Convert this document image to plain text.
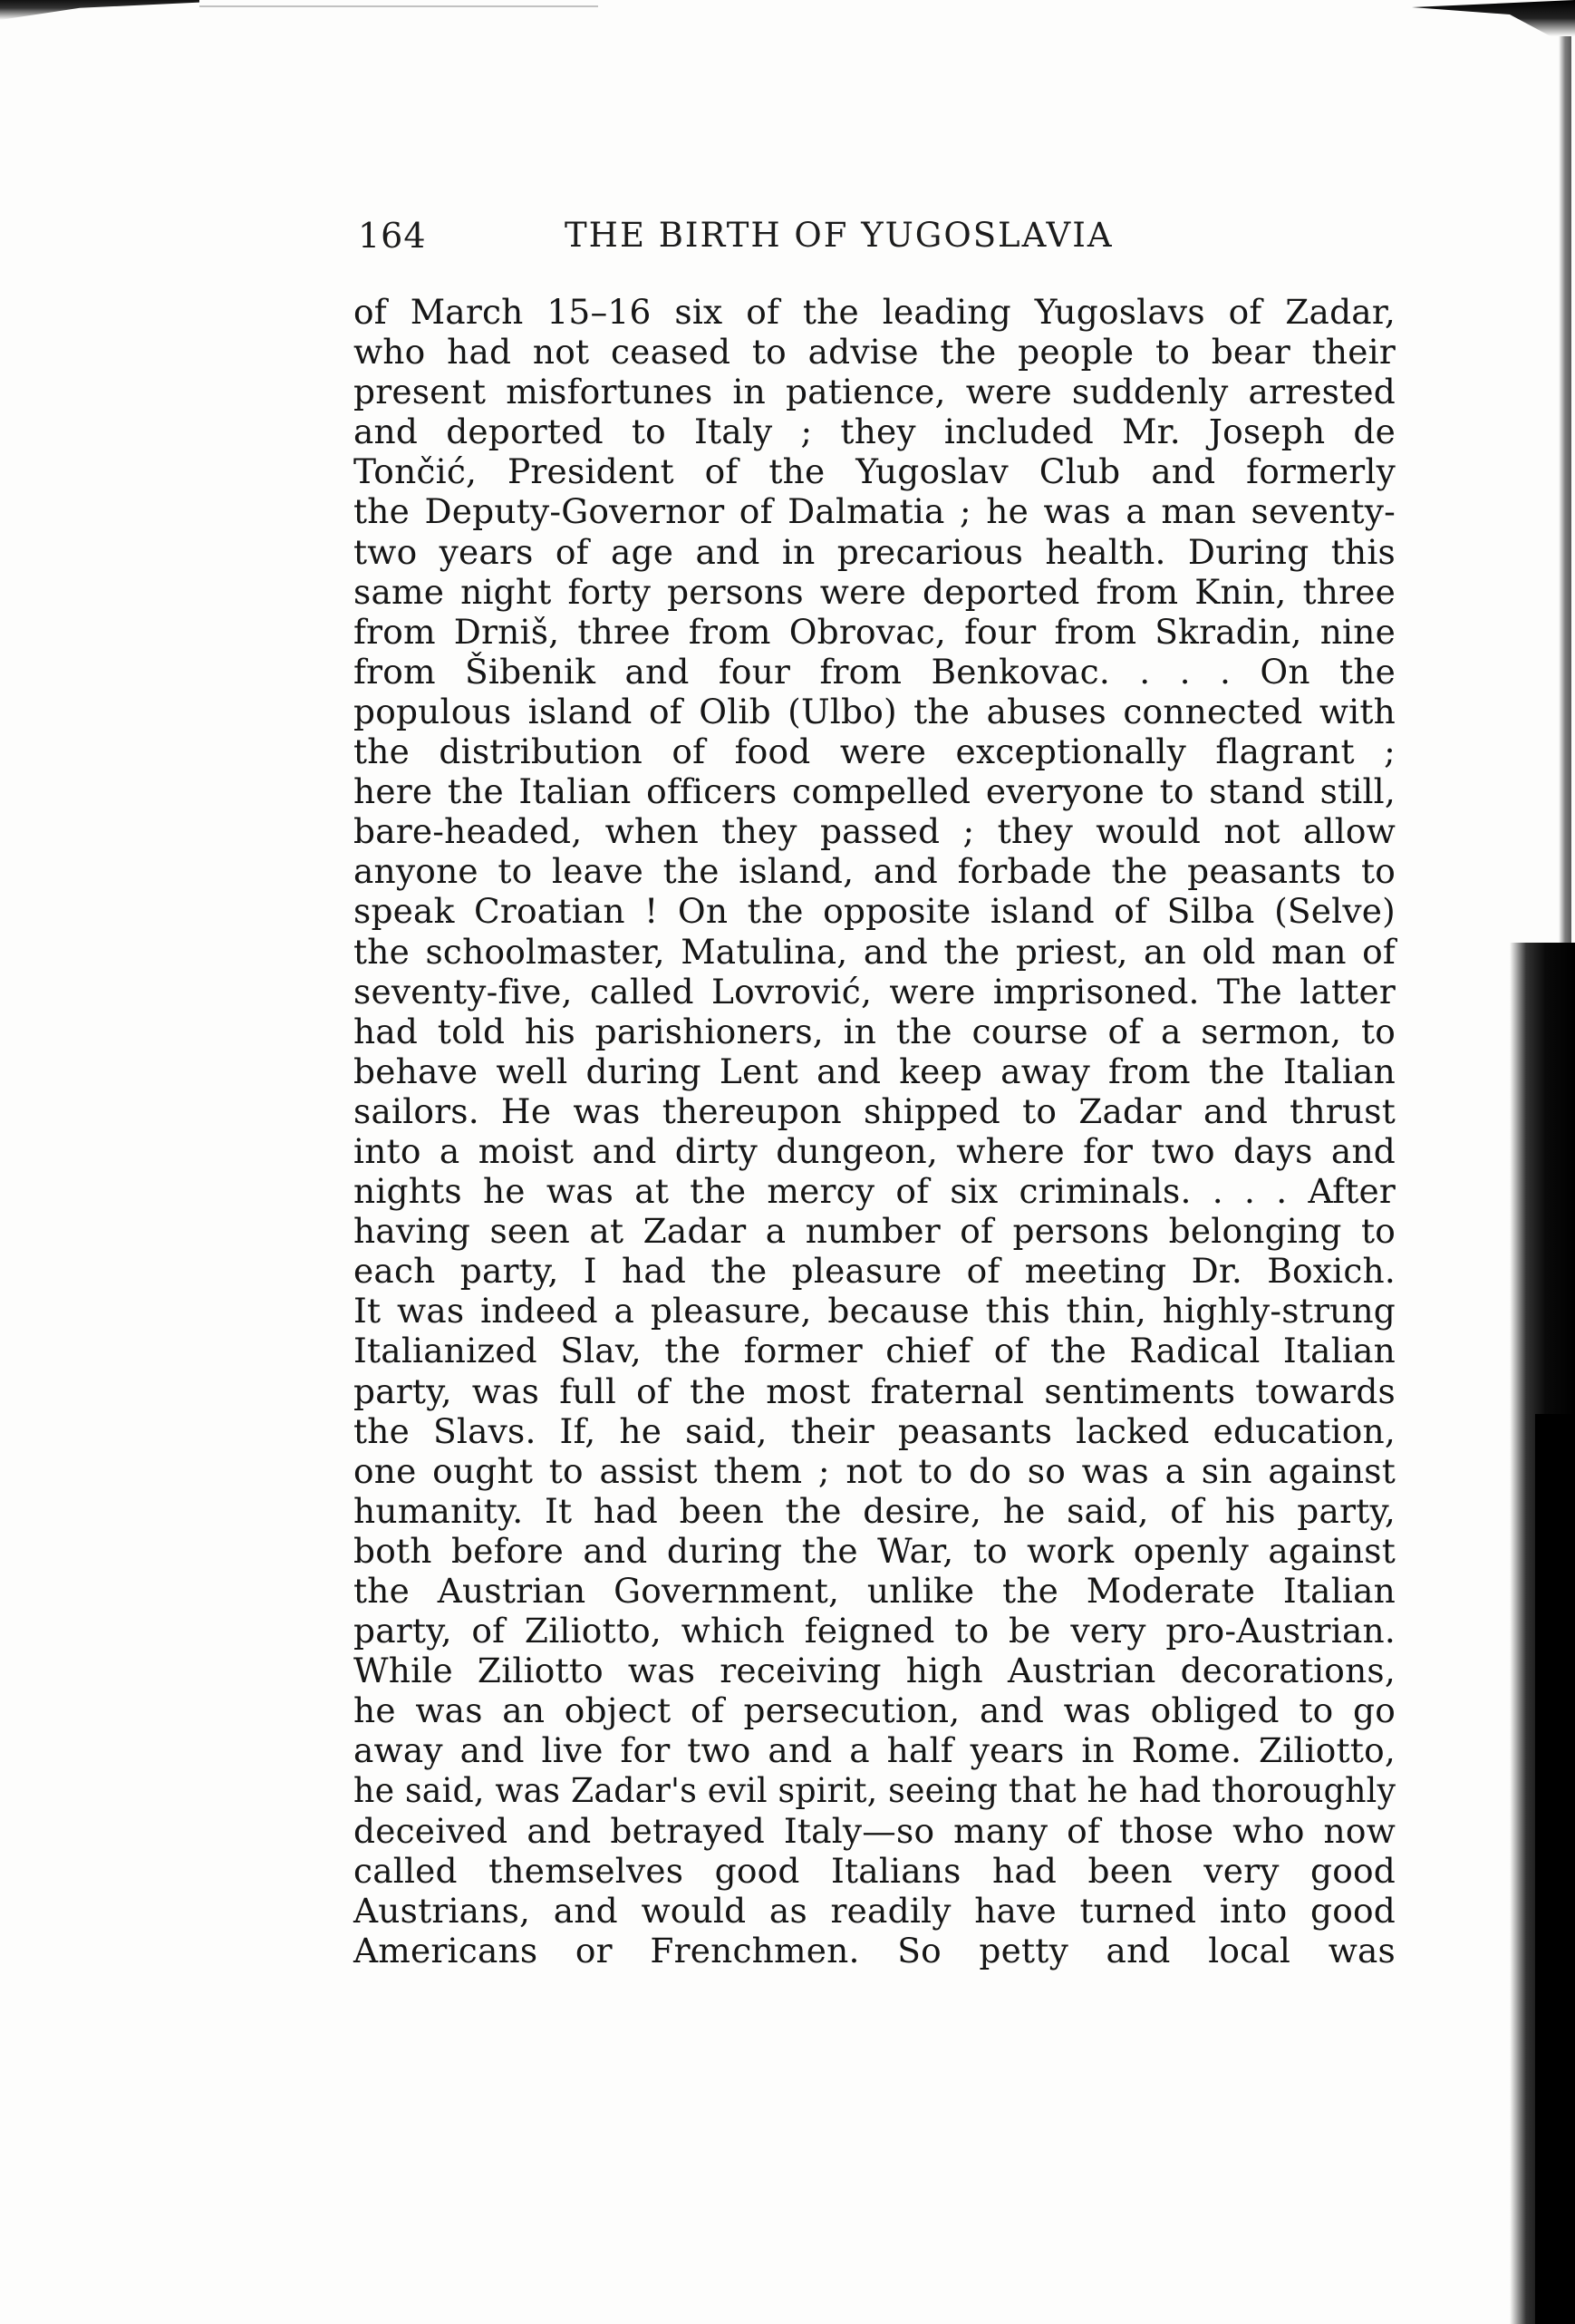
164	THE BIRTH OF YUGOSLAVIA
of March 15–16 six of the leading Yugoslavs of Zadar,
who had not ceased to advise the people to bear their
present misfortunes in patience, were suddenly arrested
and deported to Italy ; they included Mr. Joseph de
Tončić, President of the Yugoslav Club and formerly
the Deputy-Governor of Dalmatia ; he was a man seventy-
two years of age and in precarious health. During this
same night forty persons were deported from Knin, three
from Drniš, three from Obrovac, four from Skradin, nine
from Šibenik and four from Benkovac. . . . On the
populous island of Olib (Ulbo) the abuses connected with
the distribution of food were exceptionally flagrant ;
here the Italian officers compelled everyone to stand still,
bare-headed, when they passed ; they would not allow
anyone to leave the island, and forbade the peasants to
speak Croatian ! On the opposite island of Silba (Selve)
the schoolmaster, Matulina, and the priest, an old man of
seventy-five, called Lovrović, were imprisoned. The latter
had told his parishioners, in the course of a sermon, to
behave well during Lent and keep away from the Italian
sailors. He was thereupon shipped to Zadar and thrust
into a moist and dirty dungeon, where for two days and
nights he was at the mercy of six criminals. . . . After
having seen at Zadar a number of persons belonging to
each party, I had the pleasure of meeting Dr. Boxich.
It was indeed a pleasure, because this thin, highly-strung
Italianized Slav, the former chief of the Radical Italian
party, was full of the most fraternal sentiments towards
the Slavs. If, he said, their peasants lacked education,
one ought to assist them ; not to do so was a sin against
humanity. It had been the desire, he said, of his party,
both before and during the War, to work openly against
the Austrian Government, unlike the Moderate Italian
party, of Ziliotto, which feigned to be very pro-Austrian.
While Ziliotto was receiving high Austrian decorations,
he was an object of persecution, and was obliged to go
away and live for two and a half years in Rome. Ziliotto,
he said, was Zadar's evil spirit, seeing that he had thoroughly
deceived and betrayed Italy—so many of those who now
called themselves good Italians had been very good
Austrians, and would as readily have turned into good
Americans or Frenchmen. So petty and local was
